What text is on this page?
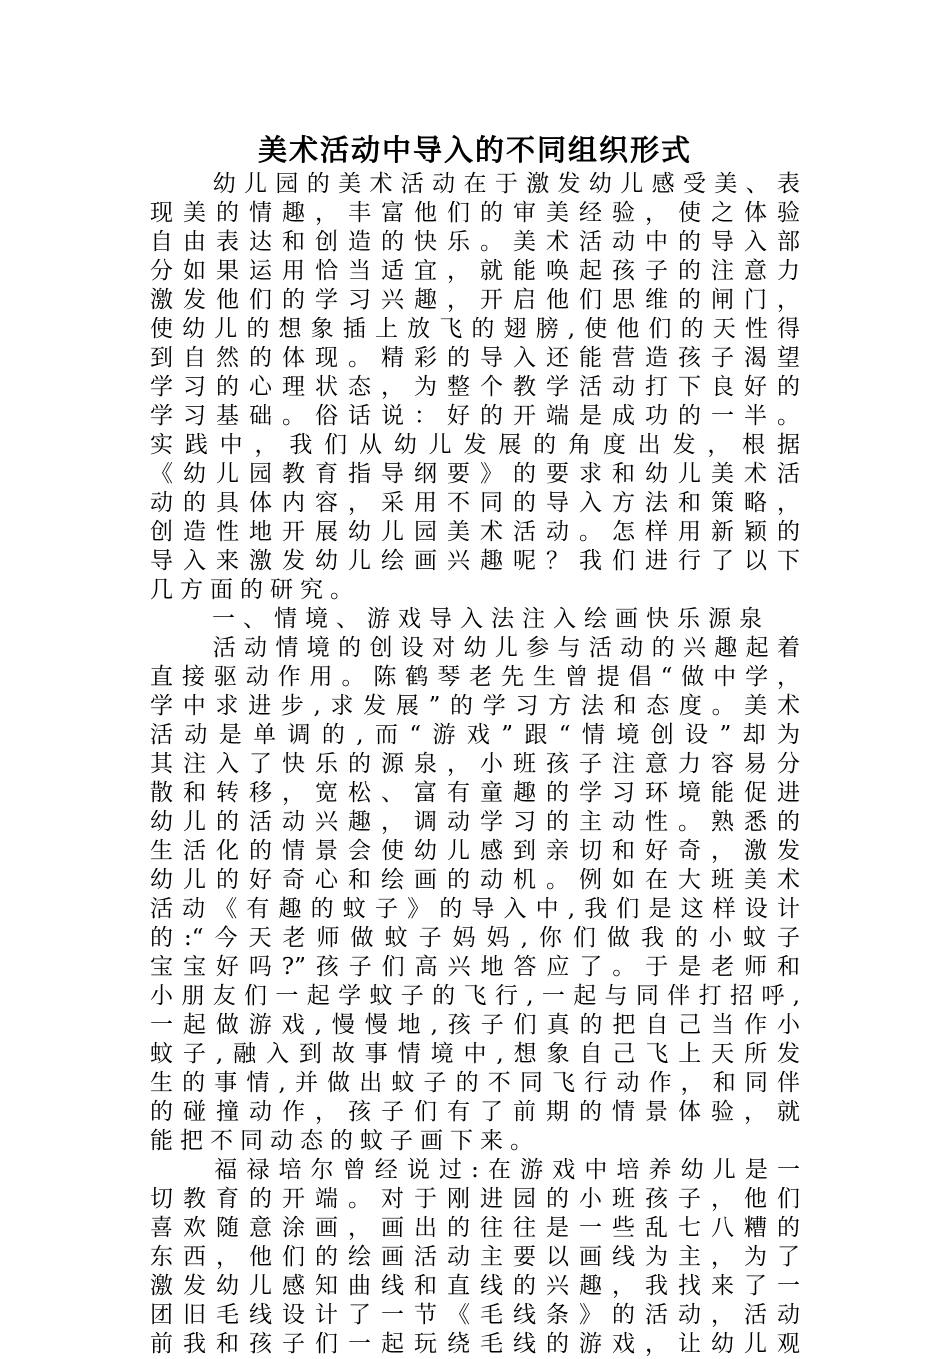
美术活动中导入的不同组织形式
　　幼儿园的美术活动在于激发幼儿感受美、表
现美的情趣，丰富他们的审美经验，使之体验
自由表达和创造的快乐。美术活动中的导入部
分如果运用恰当适宜，就能唤起孩子的注意力
激发他们的学习兴趣，开启他们思维的闸门，
使幼儿的想象插上放飞的翅膀,使他们的天性得
到自然的体现。精彩的导入还能营造孩子渴望
学习的心理状态，为整个教学活动打下良好的
学习基础。俗话说：好的开端是成功的一半。
实践中，我们从幼儿发展的角度出发，根据
《幼儿园教育指导纲要》的要求和幼儿美术活
动的具体内容，采用不同的导入方法和策略，
创造性地开展幼儿园美术活动。怎样用新颖的
导入来激发幼儿绘画兴趣呢？我们进行了以下
几方面的研究。
　　一、情境、游戏导入法注入绘画快乐源泉
　　活动情境的创设对幼儿参与活动的兴趣起着
直接驱动作用。陈鹤琴老先生曾提倡“做中学，
学中求进步,求发展”的学习方法和态度。美术
活动是单调的,而“游戏”跟“情境创设”却为
其注入了快乐的源泉，小班孩子注意力容易分
散和转移，宽松、富有童趣的学习环境能促进
幼儿的活动兴趣，调动学习的主动性。熟悉的
生活化的情景会使幼儿感到亲切和好奇，激发
幼儿的好奇心和绘画的动机。例如在大班美术
活动《有趣的蚊子》的导入中,我们是这样设计
的:“今天老师做蚊子妈妈,你们做我的小蚊子
宝宝好吗?”孩子们高兴地答应了。于是老师和
小朋友们一起学蚊子的飞行,一起与同伴打招呼,
一起做游戏,慢慢地,孩子们真的把自己当作小
蚊子,融入到故事情境中,想象自己飞上天所发
生的事情,并做出蚊子的不同飞行动作，和同伴
的碰撞动作，孩子们有了前期的情景体验，就
能把不同动态的蚊子画下来。
　　福禄培尔曾经说过:在游戏中培养幼儿是一
切教育的开端。对于刚进园的小班孩子，他们
喜欢随意涂画，画出的往往是一些乱七八糟的
东西，他们的绘画活动主要以画线为主，为了
激发幼儿感知曲线和直线的兴趣，我找来了一
团旧毛线设计了一节《毛线条》的活动，活动
前我和孩子们一起玩绕毛线的游戏，让幼儿观
